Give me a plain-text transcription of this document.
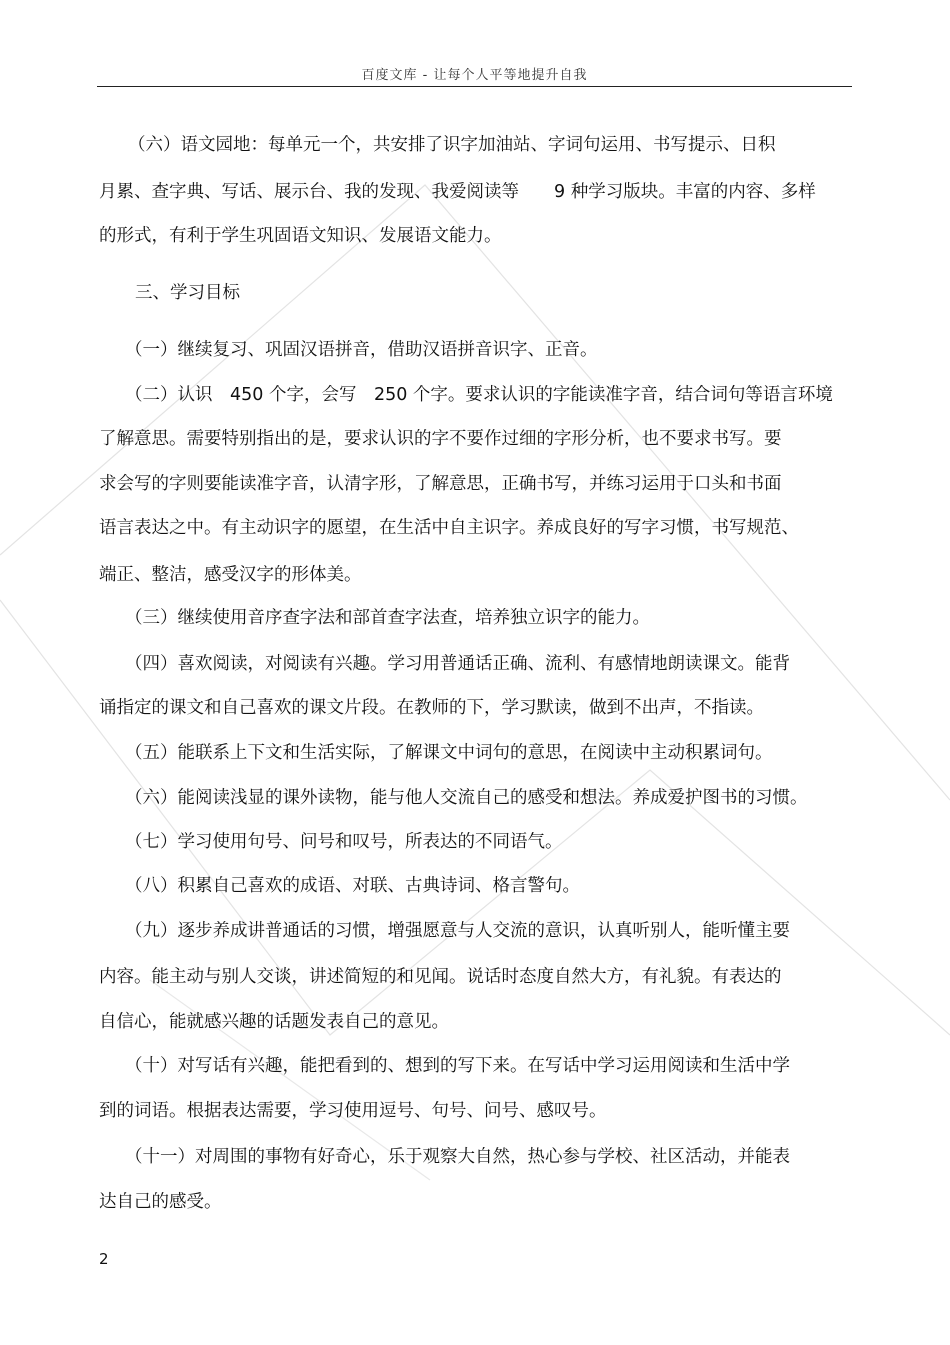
百度文库 - 让每个人平等地提升自我
（六）语文园地：每单元一个，共安排了识字加油站、字词句运用、书写提示、日积
月累、查字典、写话、展示台、我的发现、我爱阅读等　　9 种学习版块。丰富的内容、多样
的形式，有利于学生巩固语文知识、发展语文能力。
三、学习目标
（一）继续复习、巩固汉语拼音，借助汉语拼音识字、正音。
（二）认识　450 个字，会写　250 个字。要求认识的字能读准字音，结合词句等语言环境
了解意思。需要特别指出的是，要求认识的字不要作过细的字形分析，也不要求书写。要
求会写的字则要能读准字音，认清字形，了解意思，正确书写，并练习运用于口头和书面
语言表达之中。有主动识字的愿望，在生活中自主识字。养成良好的写字习惯，书写规范、
端正、整洁，感受汉字的形体美。
（三）继续使用音序查字法和部首查字法查，培养独立识字的能力。
（四）喜欢阅读，对阅读有兴趣。学习用普通话正确、流利、有感情地朗读课文。能背
诵指定的课文和自己喜欢的课文片段。在教师的下，学习默读，做到不出声，不指读。
（五）能联系上下文和生活实际，了解课文中词句的意思，在阅读中主动积累词句。
（六）能阅读浅显的课外读物，能与他人交流自己的感受和想法。养成爱护图书的习惯。
（七）学习使用句号、问号和叹号，所表达的不同语气。
（八）积累自己喜欢的成语、对联、古典诗词、格言警句。
（九）逐步养成讲普通话的习惯，增强愿意与人交流的意识，认真听别人，能听懂主要
内容。能主动与别人交谈，讲述简短的和见闻。说话时态度自然大方，有礼貌。有表达的
自信心，能就感兴趣的话题发表自己的意见。
（十）对写话有兴趣，能把看到的、想到的写下来。在写话中学习运用阅读和生活中学
到的词语。根据表达需要，学习使用逗号、句号、问号、感叹号。
（十一）对周围的事物有好奇心，乐于观察大自然，热心参与学校、社区活动，并能表
达自己的感受。
2
